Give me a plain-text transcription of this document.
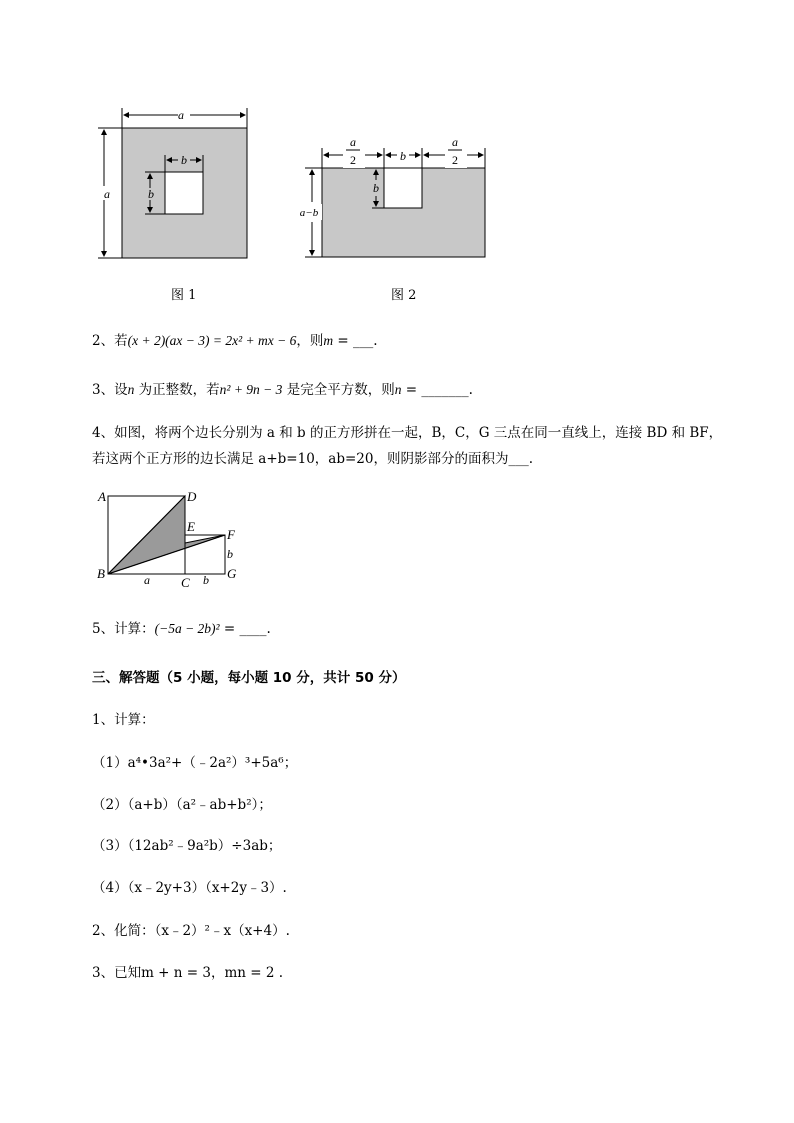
a
a
b
b
图 1
a
2
a
2
b
b
a−b
图 2
2、若(x + 2)(ax − 3) = 2x² + mx − 6，则m = ___.
3、设n 为正整数，若n² + 9n − 3 是完全平方数，则n = _______.
4、如图，将两个边长分别为 a 和 b 的正方形拼在一起，B，C，G 三点在同一直线上，连接 BD 和 BF，
若这两个正方形的边长满足 a+b=10，ab=20，则阴影部分的面积为___.
A	D
E
F
B
C
G
a	b
b
5、计算：(−5a − 2b)² = ____.
三、解答题（5 小题，每小题 10 分，共计 50 分）
1、计算：
（1）a⁴•3a²+（﹣2a²）³+5a⁶；
（2）（a+b）（a²﹣ab+b²）；
（3）（12ab²﹣9a²b）÷3ab；
（4）（x﹣2y+3）（x+2y﹣3）.
2、化简：（x﹣2）²﹣x（x+4）.
3、已知m + n = 3，mn = 2 .
